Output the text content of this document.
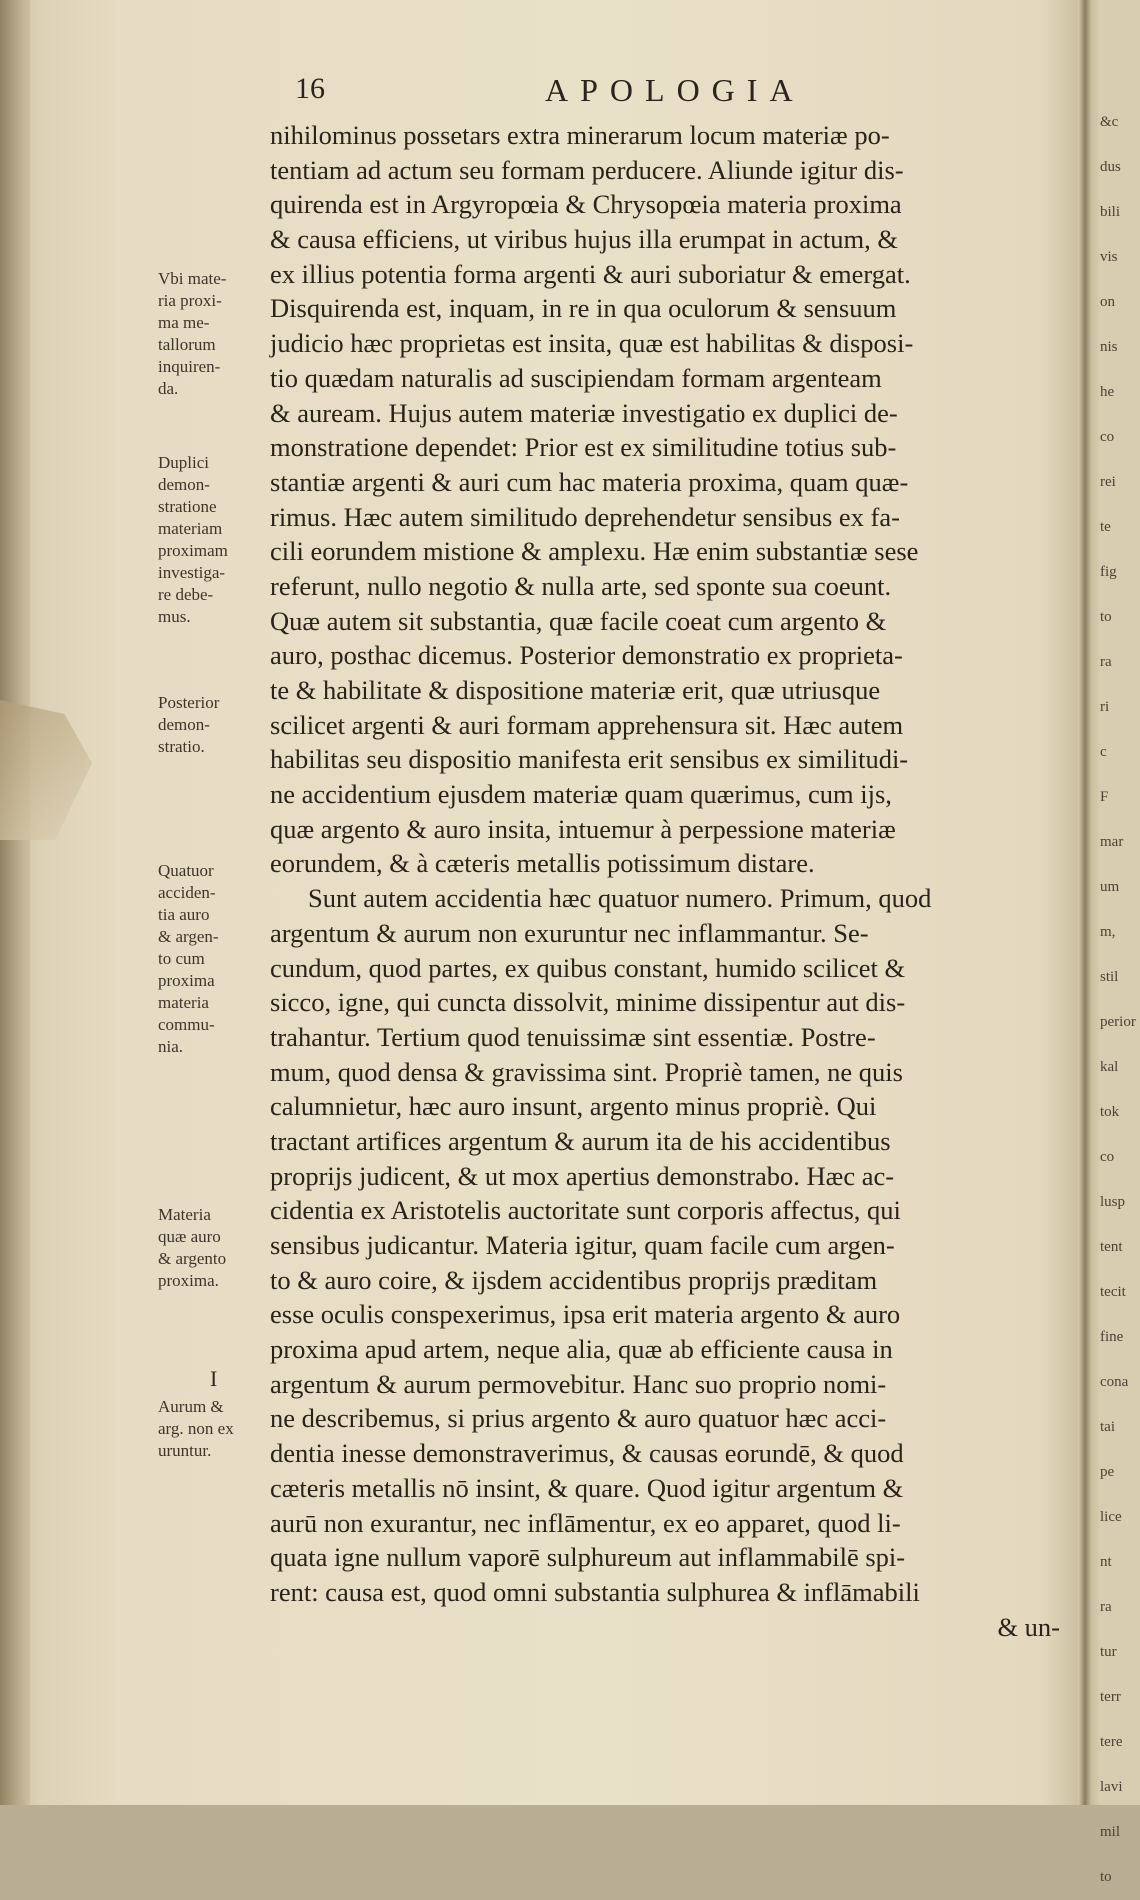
16	APOLOGIA
nihilominus possetars extra minerarum locum materiæ po-
tentiam ad actum seu formam perducere. Aliunde igitur dis-
quirenda est in Argyropœia & Chrysopœia materia proxima
& causa efficiens, ut viribus hujus illa erumpat in actum, &
ex illius potentia forma argenti & auri suboriatur & emergat.
Disquirenda est, inquam, in re in qua oculorum & sensuum
judicio hæc proprietas est insita, quæ est habilitas & disposi-
tio quædam naturalis ad suscipiendam formam argenteam
& auream. Hujus autem materiæ investigatio ex duplici de-
monstratione dependet: Prior est ex similitudine totius sub-
stantiæ argenti & auri cum hac materia proxima, quam quæ-
rimus. Hæc autem similitudo deprehendetur sensibus ex fa-
cili eorundem mistione & amplexu. Hæ enim substantiæ sese
referunt, nullo negotio & nulla arte, sed sponte sua coeunt.
Quæ autem sit substantia, quæ facile coeat cum argento &
auro, posthac dicemus. Posterior demonstratio ex proprieta-
te & habilitate & dispositione materiæ erit, quæ utriusque
scilicet argenti & auri formam apprehensura sit. Hæc autem
habilitas seu dispositio manifesta erit sensibus ex similitudi-
ne accidentium ejusdem materiæ quam quærimus, cum ijs,
quæ argento & auro insita, intuemur à perpessione materiæ
eorundem, & à cæteris metallis potissimum distare.
Sunt autem accidentia hæc quatuor numero. Primum, quod
argentum & aurum non exuruntur nec inflammantur. Se-
cundum, quod partes, ex quibus constant, humido scilicet &
sicco, igne, qui cuncta dissolvit, minime dissipentur aut dis-
trahantur. Tertium quod tenuissimæ sint essentiæ. Postre-
mum, quod densa & gravissima sint. Propriè tamen, ne quis
calumnietur, hæc auro insunt, argento minus propriè. Qui
tractant artifices argentum & aurum ita de his accidentibus
proprijs judicent, & ut mox apertius demonstrabo. Hæc ac-
cidentia ex Aristotelis auctoritate sunt corporis affectus, qui
sensibus judicantur. Materia igitur, quam facile cum argen-
to & auro coire, & ijsdem accidentibus proprijs præditam
esse oculis conspexerimus, ipsa erit materia argento & auro
proxima apud artem, neque alia, quæ ab efficiente causa in
argentum & aurum permovebitur. Hanc suo proprio nomi-
ne describemus, si prius argento & auro quatuor hæc acci-
dentia inesse demonstraverimus, & causas eorundē, & quod
cæteris metallis nō insint, & quare. Quod igitur argentum &
aurū non exurantur, nec inflāmentur, ex eo apparet, quod li-
quata igne nullum vaporē sulphureum aut inflammabilē spi-
rent: causa est, quod omni substantia sulphurea & inflāmabili
& un-
Vbi mate-
ria proxi-
ma me-
tallorum
inquiren-
da.
Duplici
demon-
stratione
materiam
proximam
investiga-
re debe-
mus.
Posterior
demon-
stratio.
Quatuor
acciden-
tia auro
& argen-
to cum
proxima
materia
commu-
nia.
Materia
quæ auro
& argento
proxima.
Aurum &
arg. non ex
uruntur.
I
&c
dus
bili
vis
on
nis
he
co
rei
te
fig
to
ra
ri
c
F
mar
um
m,
stil
perior
kal
tok
co
lusp
tent
tecit
fine
cona
tai
pe
lice
nt
ra
tur
terr
tere
lavi
mil
to
